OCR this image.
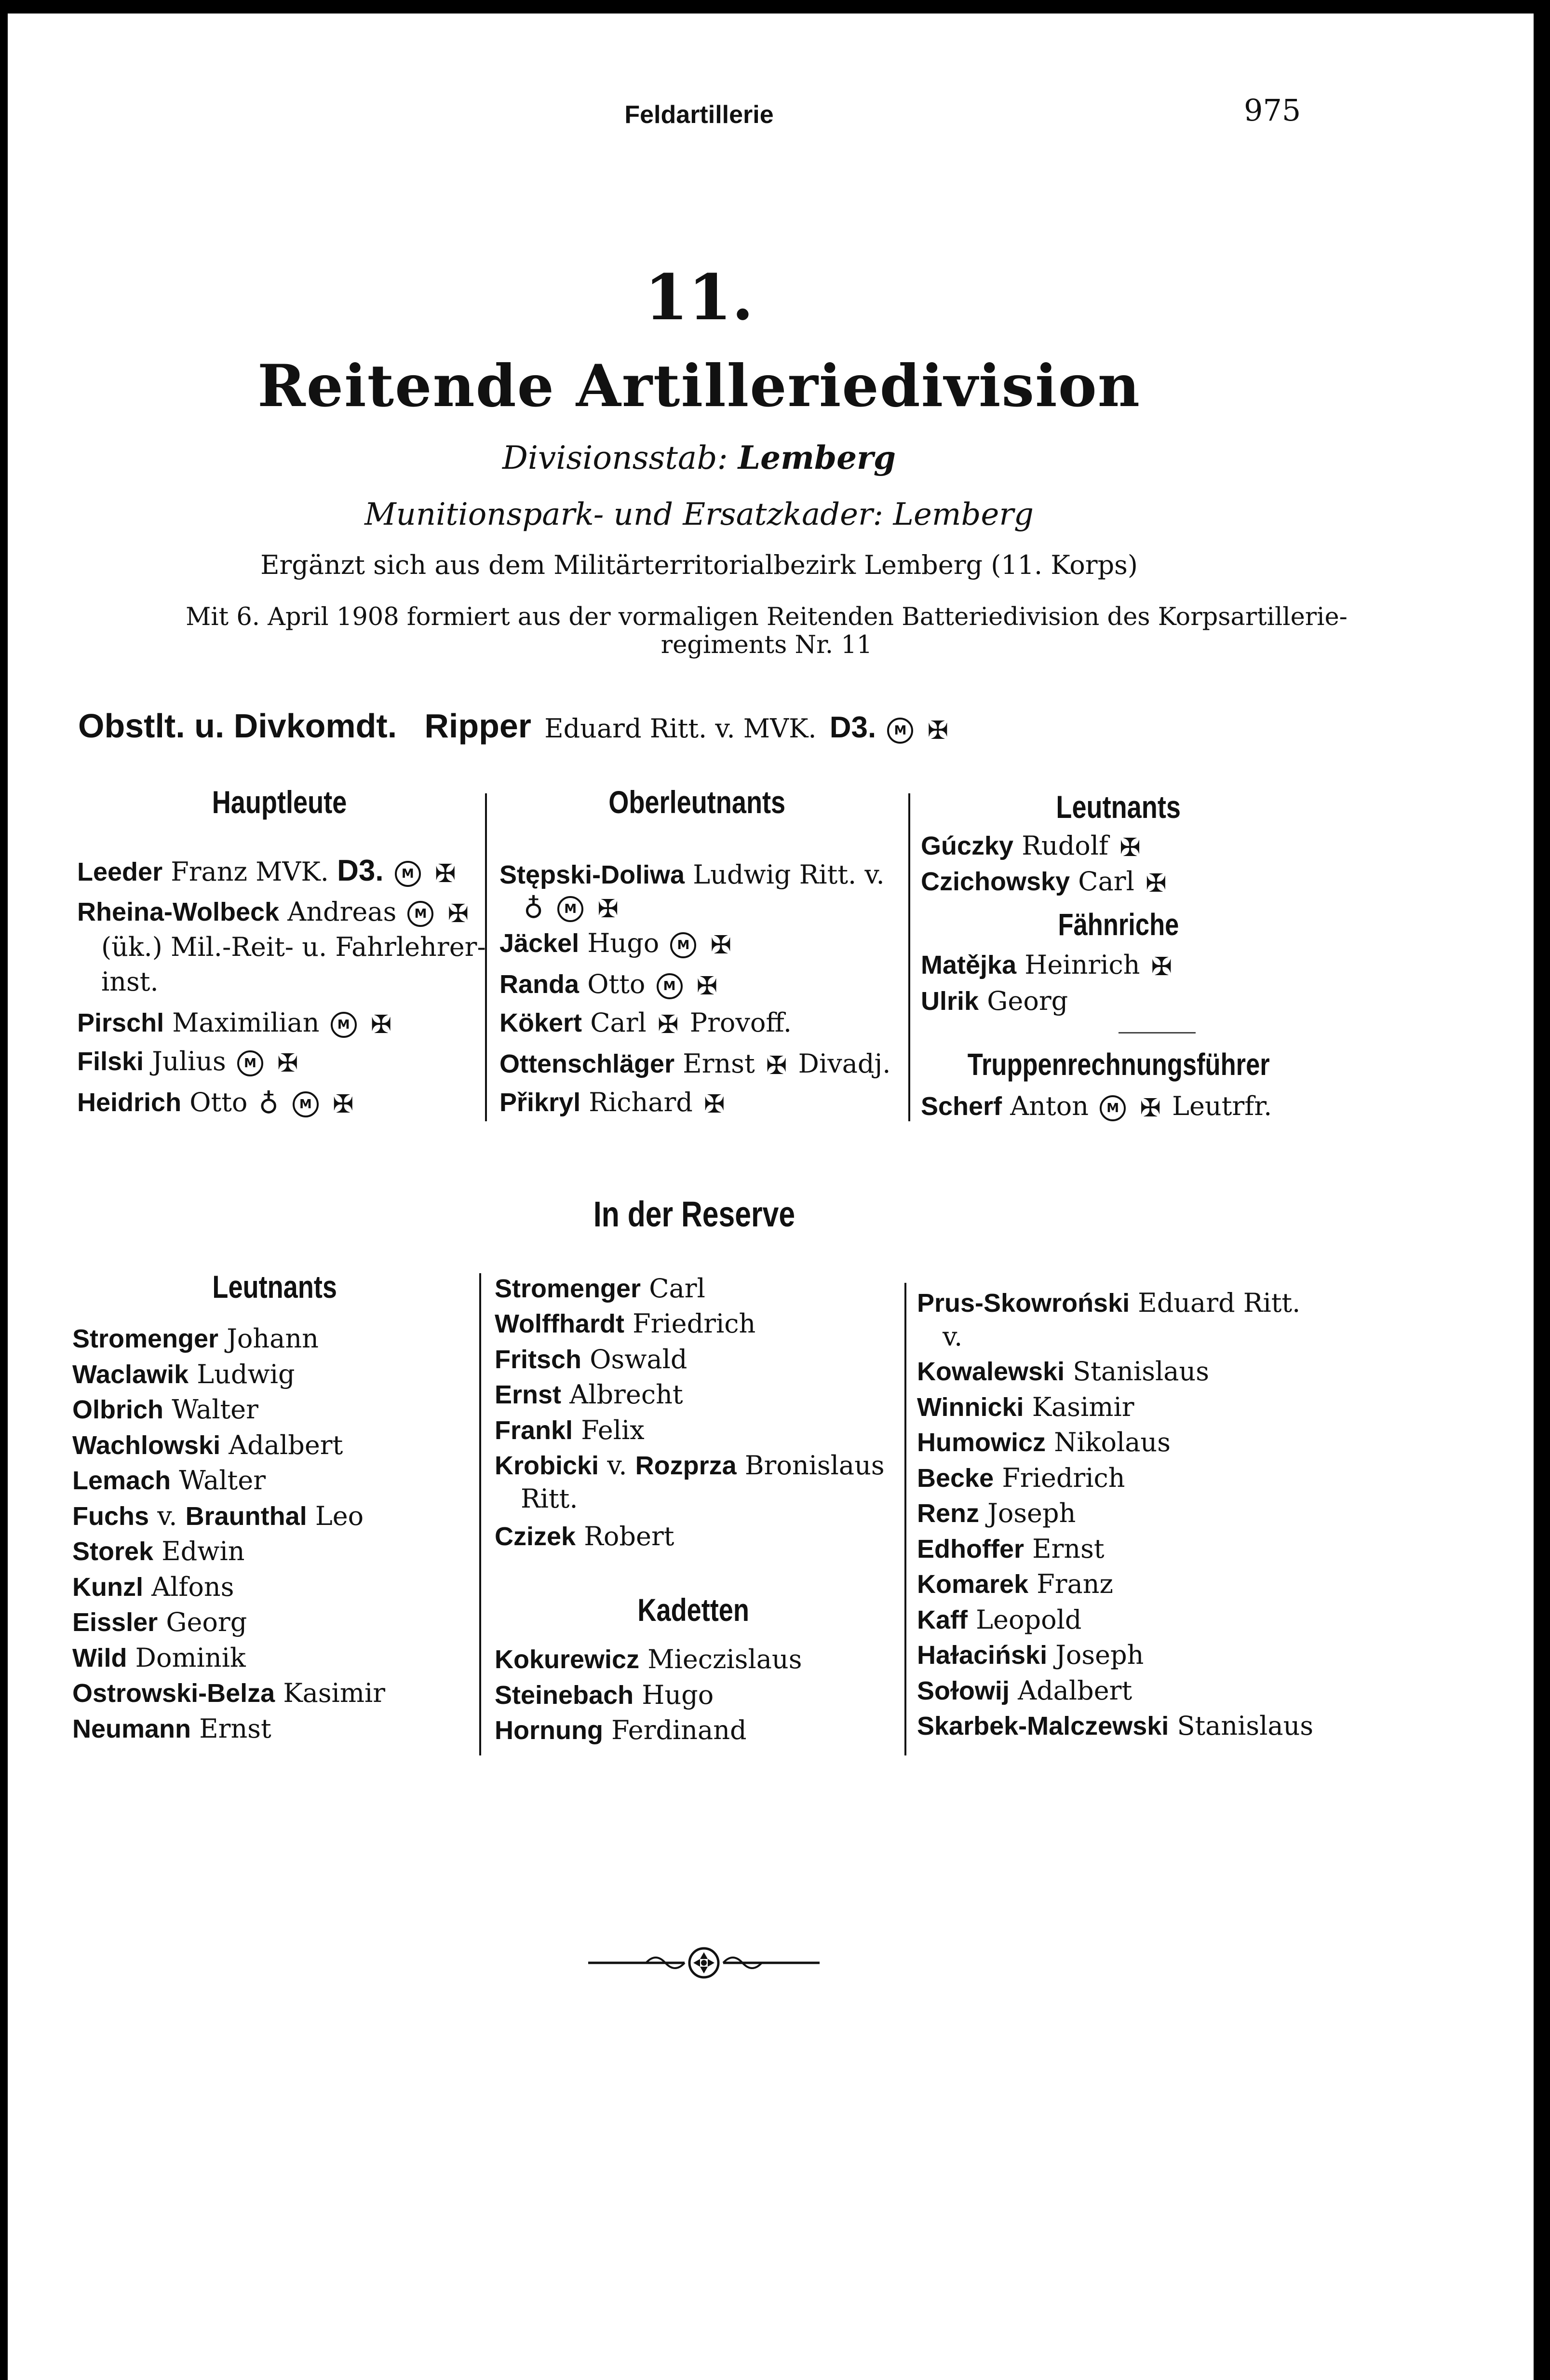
Feldartillerie	975
11.
Reitende Artilleriedivision
Divisionsstab: Lemberg
Munitionspark- und Ersatzkader: Lemberg
Ergänzt sich aus dem Militärterritorialbezirk Lemberg (11. Korps)
Mit 6. April 1908 formiert aus der vormaligen Reitenden Batteriedivision des Korpsartillerie-
regiments Nr. 11
Obstlt. u. Divkomdt. Ripper Eduard Ritt. v. MVK. D3. M ✠
Hauptleute
Leeder Franz MVK. D3. M ✠
Rheina-Wolbeck Andreas M ✠
(ük.) Mil.-Reit- u. Fahrlehrer-
inst.
Pirschl Maximilian M ✠
Filski Julius M ✠
Heidrich Otto ♁ M ✠
Oberleutnants
Stępski-Doliwa Ludwig Ritt. v.
♁ M ✠
Jäckel Hugo M ✠
Randa Otto M ✠
Kökert Carl ✠ Provoff.
Ottenschläger Ernst ✠ Divadj.
Přikryl Richard ✠
Leutnants
Gúczky Rudolf ✠
Czichowsky Carl ✠
Fähnriche
Matějka Heinrich ✠
Ulrik Georg
Truppenrechnungsführer
Scherf Anton M ✠ Leutrfr.
In der Reserve
Leutnants
Stromenger Johann
Waclawik Ludwig
Olbrich Walter
Wachlowski Adalbert
Lemach Walter
Fuchs v. Braunthal Leo
Storek Edwin
Kunzl Alfons
Eissler Georg
Wild Dominik
Ostrowski-Belza Kasimir
Neumann Ernst
Stromenger Carl
Wolffhardt Friedrich
Fritsch Oswald
Ernst Albrecht
Frankl Felix
Krobicki v. Rozprza Bronislaus
Ritt.
Czizek Robert
Kadetten
Kokurewicz Mieczislaus
Steinebach Hugo
Hornung Ferdinand
Prus-Skowroński Eduard Ritt.
v.
Kowalewski Stanislaus
Winnicki Kasimir
Humowicz Nikolaus
Becke Friedrich
Renz Joseph
Edhoffer Ernst
Komarek Franz
Kaff Leopold
Haɫaciński Joseph
Soɫowij Adalbert
Skarbek-Malczewski Stanislaus
